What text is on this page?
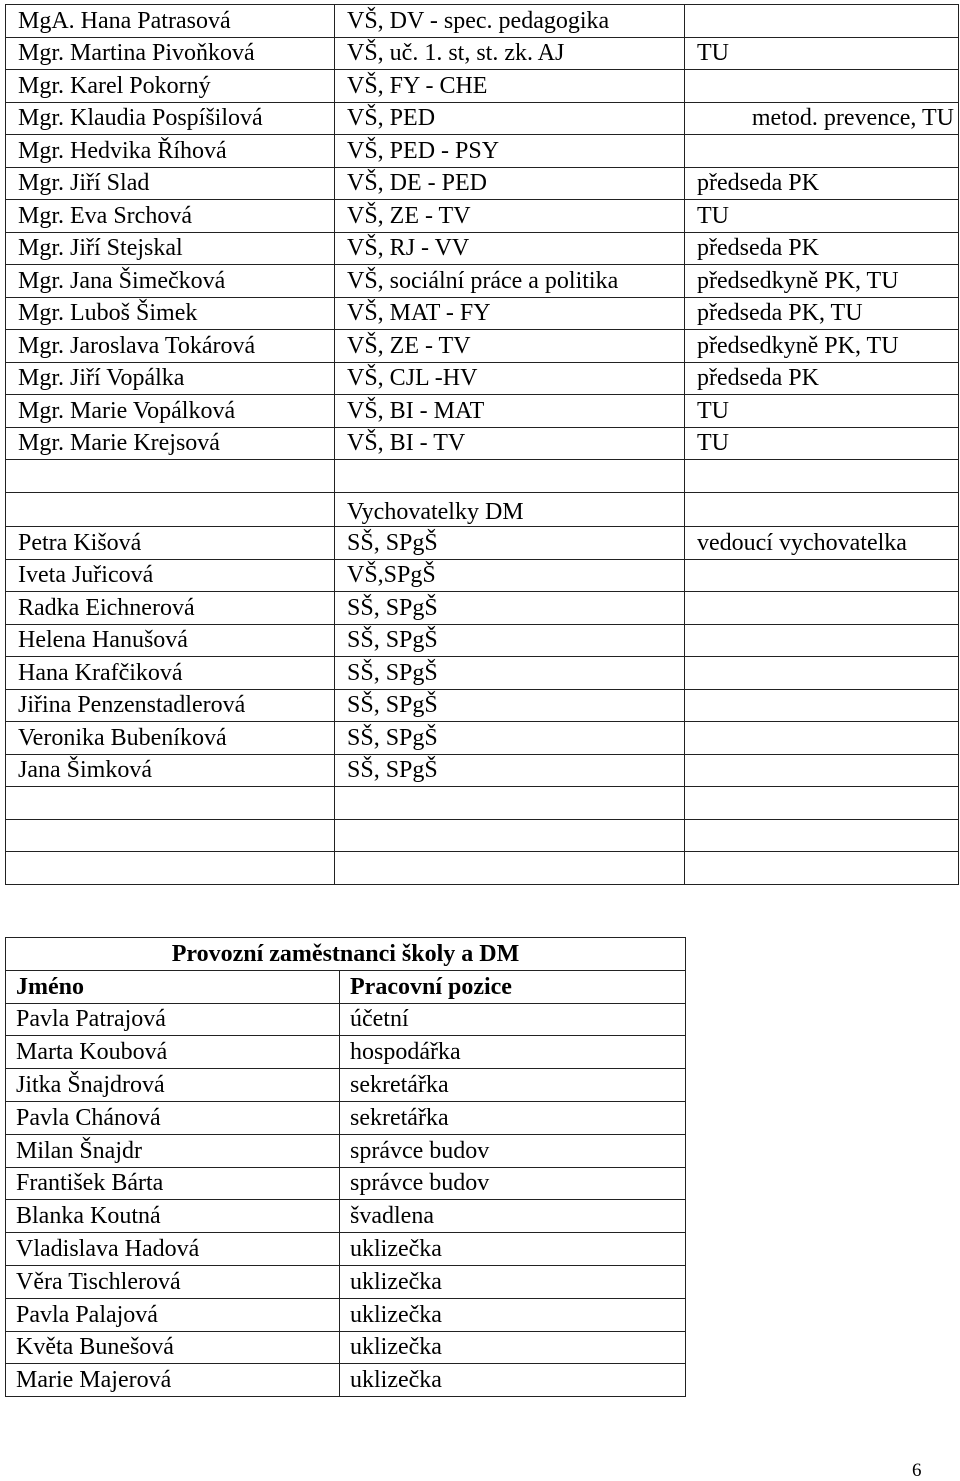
MgA. Hana Patrasová	VŠ, DV - spec. pedagogika	
Mgr. Martina Pivoňková	VŠ, uč. 1. st, st. zk. AJ	TU
Mgr. Karel Pokorný	VŠ, FY - CHE	
Mgr. Klaudia Pospíšilová	VŠ, PED	metod. prevence, TU
Mgr. Hedvika Říhová	VŠ, PED - PSY	
Mgr. Jiří Slad	VŠ, DE - PED	předseda PK
Mgr. Eva Srchová	VŠ, ZE - TV	TU
Mgr. Jiří Stejskal	VŠ, RJ - VV	předseda PK
Mgr. Jana Šimečková	VŠ, sociální práce a politika	předsedkyně PK, TU
Mgr. Luboš Šimek	VŠ, MAT - FY	předseda PK, TU
Mgr. Jaroslava Tokárová	VŠ, ZE - TV	předsedkyně PK, TU
Mgr. Jiří Vopálka	VŠ, CJL -HV	předseda PK
Mgr. Marie Vopálková	VŠ, BI - MAT	TU
Mgr. Marie Krejsová	VŠ, BI - TV	TU

	Vychovatelky DM	
Petra Kišová	SŠ, SPgŠ	vedoucí vychovatelka
Iveta Juřicová	VŠ,SPgŠ	
Radka Eichnerová	SŠ, SPgŠ	
Helena Hanušová	SŠ, SPgŠ	
Hana Krafčiková	SŠ, SPgŠ	
Jiřina Penzenstadlerová	SŠ, SPgŠ	
Veronika Bubeníková	SŠ, SPgŠ	
Jana Šimková	SŠ, SPgŠ	

Provozní zaměstnanci školy a DM	
Jméno	Pracovní pozice
Pavla Patrajová	účetní
Marta Koubová	hospodářka
Jitka Šnajdrová	sekretářka
Pavla Chánová	sekretářka
Milan Šnajdr	správce budov
František Bárta	správce budov
Blanka Koutná	švadlena
Vladislava Hadová	uklizečka
Věra Tischlerová	uklizečka
Pavla Palajová	uklizečka
Květa Bunešová	uklizečka
Marie Majerová	uklizečka
6
